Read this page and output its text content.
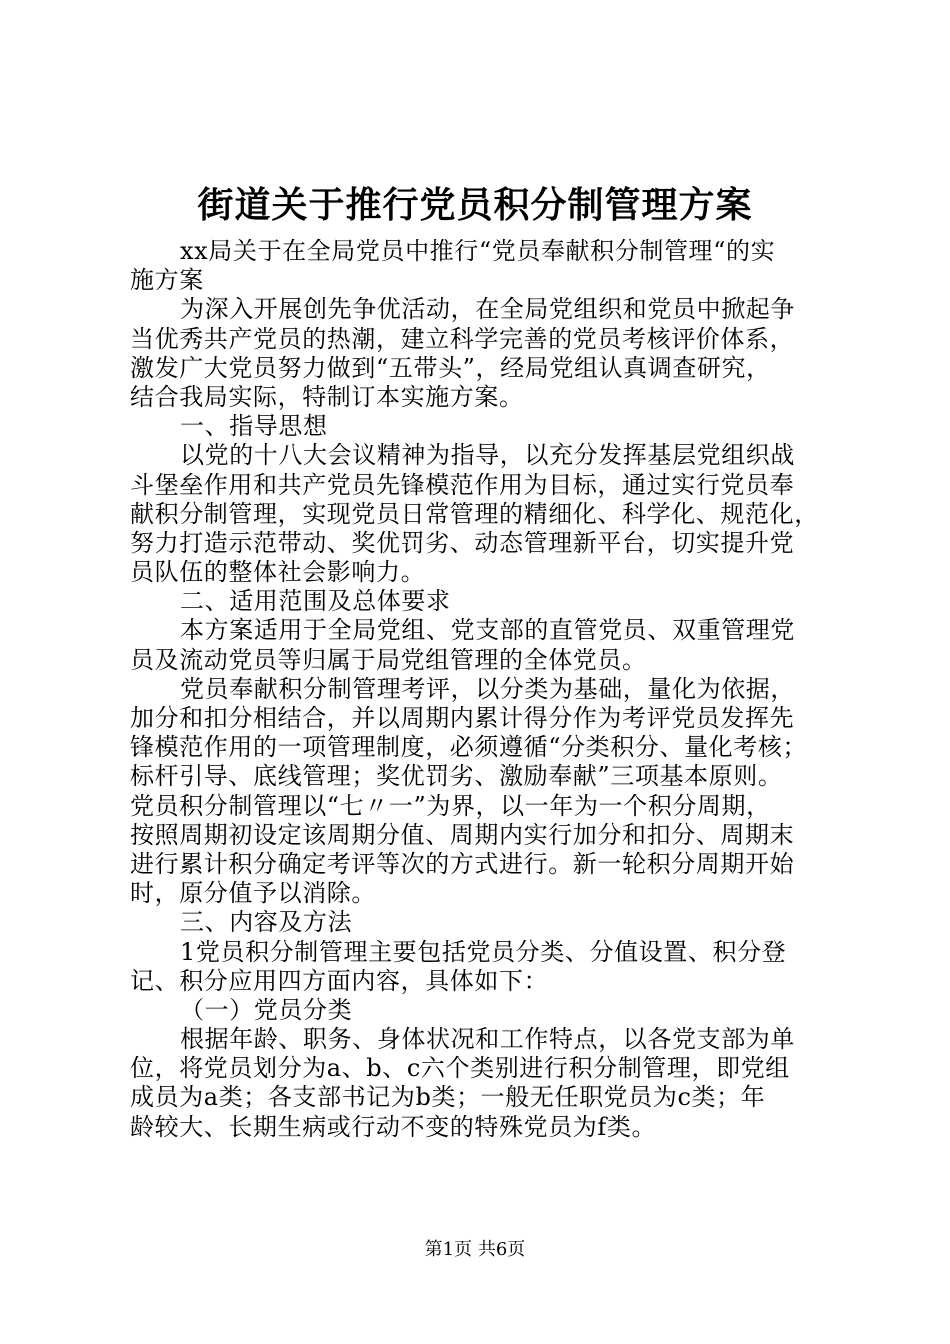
街道关于推行党员积分制管理方案
xx局关于在全局党员中推行“党员奉献积分制管理“的实
施方案
为深入开展创先争优活动，在全局党组织和党员中掀起争
当优秀共产党员的热潮，建立科学完善的党员考核评价体系，
激发广大党员努力做到“五带头”，经局党组认真调查研究，
结合我局实际，特制订本实施方案。
一、指导思想
以党的十八大会议精神为指导，以充分发挥基层党组织战
斗堡垒作用和共产党员先锋模范作用为目标，通过实行党员奉
献积分制管理，实现党员日常管理的精细化、科学化、规范化，
努力打造示范带动、奖优罚劣、动态管理新平台，切实提升党
员队伍的整体社会影响力。
二、适用范围及总体要求
本方案适用于全局党组、党支部的直管党员、双重管理党
员及流动党员等归属于局党组管理的全体党员。
党员奉献积分制管理考评，以分类为基础，量化为依据，
加分和扣分相结合，并以周期内累计得分作为考评党员发挥先
锋模范作用的一项管理制度，必须遵循“分类积分、量化考核；
标杆引导、底线管理；奖优罚劣、激励奉献”三项基本原则。
党员积分制管理以“七〃一”为界，以一年为一个积分周期，
按照周期初设定该周期分值、周期内实行加分和扣分、周期末
进行累计积分确定考评等次的方式进行。新一轮积分周期开始
时，原分值予以消除。
三、内容及方法
1党员积分制管理主要包括党员分类、分值设置、积分登
记、积分应用四方面内容，具体如下：
（一）党员分类
根据年龄、职务、身体状况和工作特点，以各党支部为单
位，将党员划分为a、b、c六个类别进行积分制管理，即党组
成员为a类；各支部书记为b类；一般无任职党员为c类；年
龄较大、长期生病或行动不变的特殊党员为f类。
第1页 共6页
